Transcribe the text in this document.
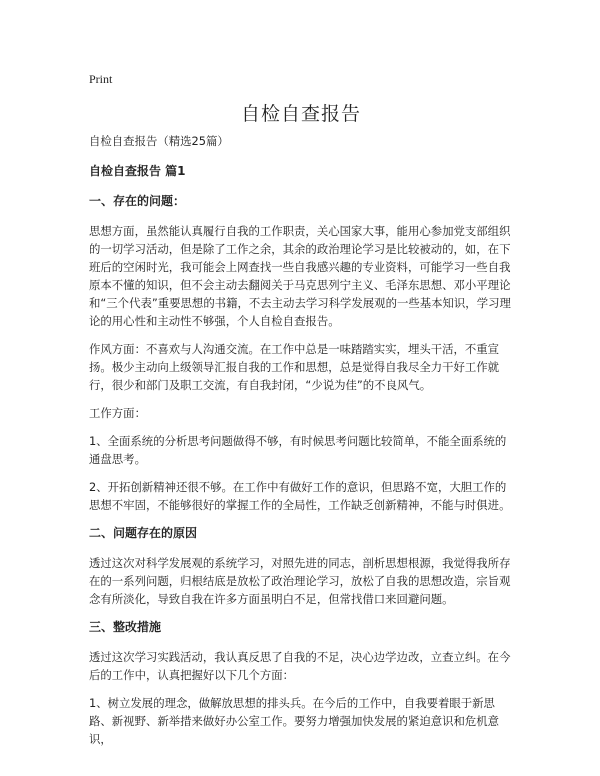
Print
自检自查报告

自检自查报告（精选25篇）

自检自查报告 篇1
一、存在的问题：

思想方面，虽然能认真履行自我的工作职责，关心国家大事，能用心参加党支部组织的一切学习活动，但是除了工作之余，其余的政治理论学习是比较被动的，如，在下班后的空闲时光，我可能会上网查找一些自我感兴趣的专业资料，可能学习一些自我原本不懂的知识，但不会主动去翻阅关于马克思列宁主义、毛泽东思想、邓小平理论和“三个代表”重要思想的书籍，不去主动去学习科学发展观的一些基本知识，学习理论的用心性和主动性不够强，个人自检自查报告。

作风方面：不喜欢与人沟通交流。在工作中总是一味踏踏实实，埋头干活，不重宣扬。极少主动向上级领导汇报自我的工作和思想，总是觉得自我尽全力干好工作就行，很少和部门及职工交流，有自我封闭，“少说为佳”的不良风气。

工作方面：

1、全面系统的分析思考问题做得不够，有时候思考问题比较简单，不能全面系统的通盘思考。

2、开拓创新精神还很不够。在工作中有做好工作的意识，但思路不宽，大胆工作的思想不牢固，不能够很好的掌握工作的全局性，工作缺乏创新精神，不能与时俱进。

二、问题存在的原因

透过这次对科学发展观的系统学习，对照先进的同志，剖析思想根源，我觉得我所存在的一系列问题，归根结底是放松了政治理论学习，放松了自我的思想改造，宗旨观念有所淡化，导致自我在许多方面虽明白不足，但常找借口来回避问题。

三、整改措施

透过这次学习实践活动，我认真反思了自我的不足，决心边学边改，立查立纠。在今后的工作中，认真把握好以下几个方面：

1、树立发展的理念，做解放思想的排头兵。在今后的工作中，自我要着眼于新思路、新视野、新举措来做好办公室工作。要努力增强加快发展的紧迫意识和危机意识，
